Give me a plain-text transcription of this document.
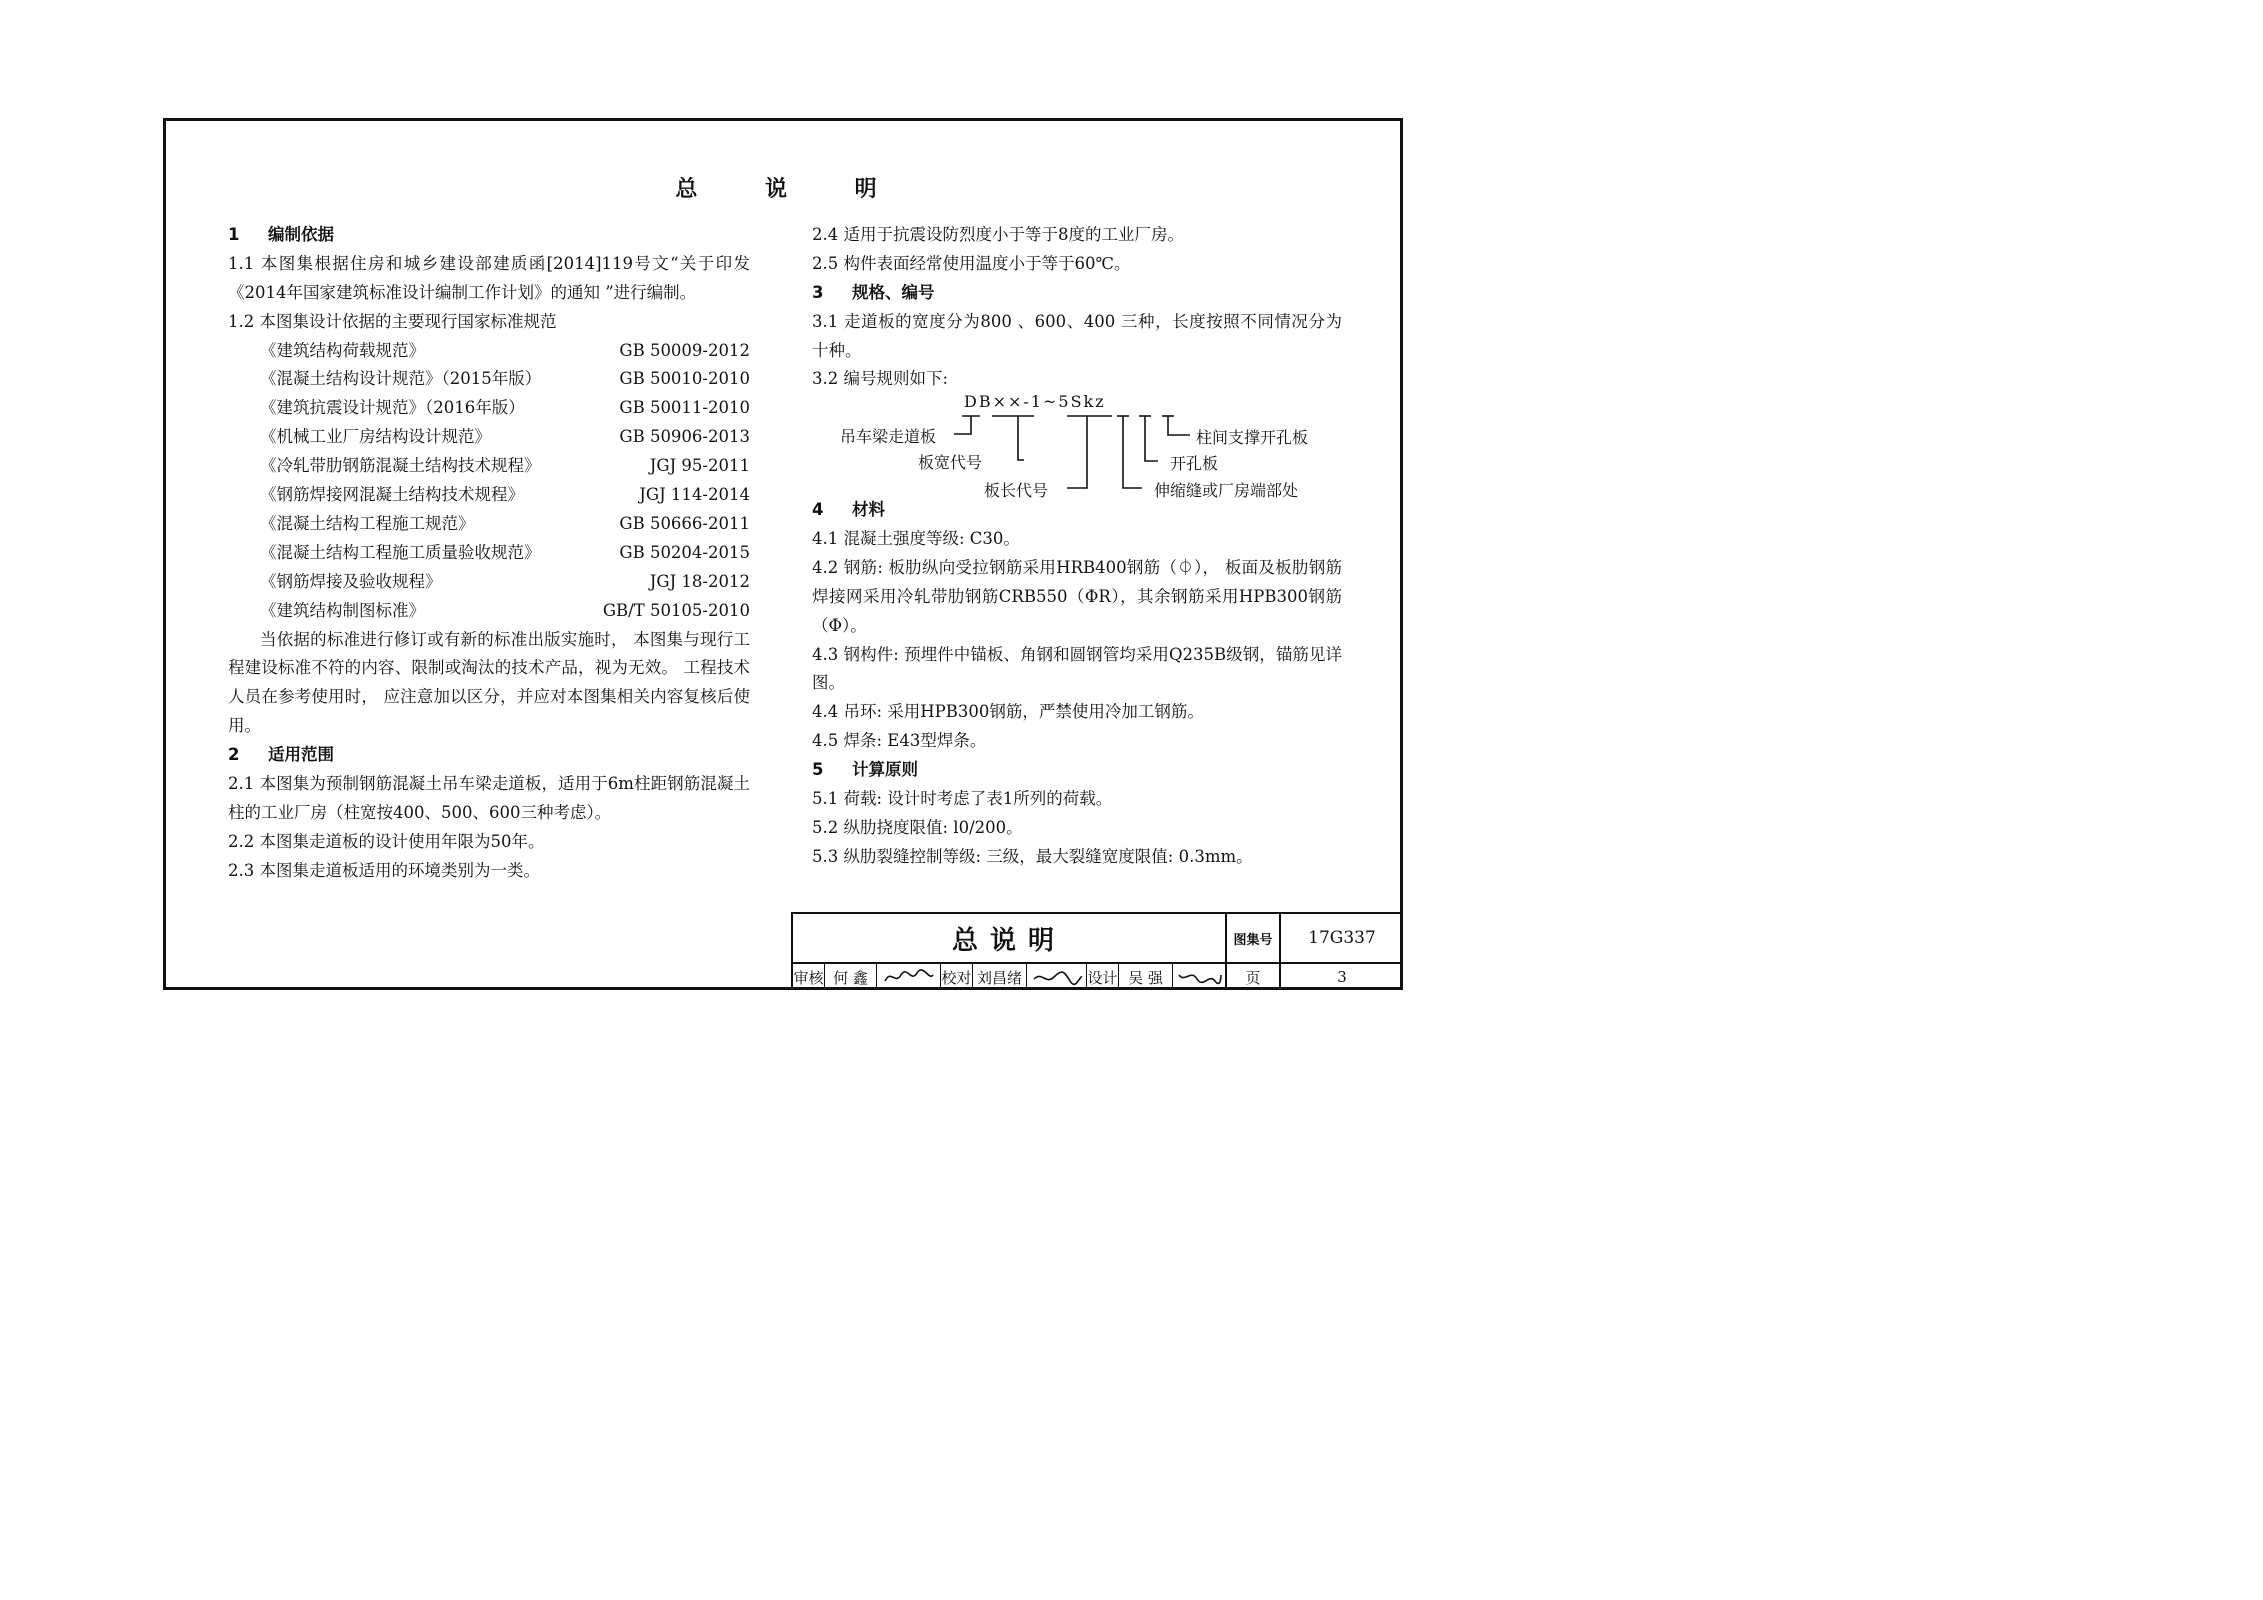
总 说 明
1 编制依据
1.1 本图集根据住房和城乡建设部建质函[2014]119号文“关于印发 《2014年国家建筑标准设计编制工作计划》的通知 ”进行编制。
1.2 本图集设计依据的主要现行国家标准规范
《建筑结构荷载规范》	GB 50009-2012
《混凝土结构设计规范》（2015年版）	GB 50010-2010
《建筑抗震设计规范》（2016年版）	GB 50011-2010
《机械工业厂房结构设计规范》	GB 50906-2013
《冷轧带肋钢筋混凝土结构技术规程》	JGJ 95-2011
《钢筋焊接网混凝土结构技术规程》	JGJ 114-2014
《混凝土结构工程施工规范》	GB 50666-2011
《混凝土结构工程施工质量验收规范》	GB 50204-2015
《钢筋焊接及验收规程》	JGJ 18-2012
《建筑结构制图标准》	GB/T 50105-2010
当依据的标准进行修订或有新的标准出版实施时， 本图集与现行工程建设标准不符的内容、限制或淘汰的技术产品，视为无效。 工程技术人员在参考使用时， 应注意加以区分，并应对本图集相关内容复核后使用。
2 适用范围
2.1 本图集为预制钢筋混凝土吊车梁走道板，适用于6m柱距钢筋混凝土柱的工业厂房（柱宽按400、500、600三种考虑）。
2.2 本图集走道板的设计使用年限为50年。
2.3 本图集走道板适用的环境类别为一类。
2.4 适用于抗震设防烈度小于等于8度的工业厂房。
2.5 构件表面经常使用温度小于等于60℃。
3 规格、编号
3.1 走道板的宽度分为800 、600、400 三种，长度按照不同情况分为十种。
3.2 编号规则如下:
DB××-1~5Skz
吊车梁走道板
板宽代号
板长代号	伸缩缝或厂房端部处
开孔板
柱间支撑开孔板
4 材料
4.1 混凝土强度等级: C30。
4.2 钢筋: 板肋纵向受拉钢筋采用HRB400钢筋（⏀）， 板面及板肋钢筋焊接网采用冷轧带肋钢筋CRB550（ΦR），其余钢筋采用HPB300钢筋（Φ）。
4.3 钢构件: 预埋件中锚板、角钢和圆钢管均采用Q235B级钢，锚筋见详图。
4.4 吊环: 采用HPB300钢筋，严禁使用冷加工钢筋。
4.5 焊条: E43型焊条。
5 计算原则
5.1 荷载: 设计时考虑了表1所列的荷载。
5.2 纵肋挠度限值: l0/200。
5.3 纵肋裂缝控制等级: 三级，最大裂缝宽度限值: 0.3mm。
总说明	图集号	17G337
审核 何 鑫	校对 刘昌绪	设计 吴 强	页	3
